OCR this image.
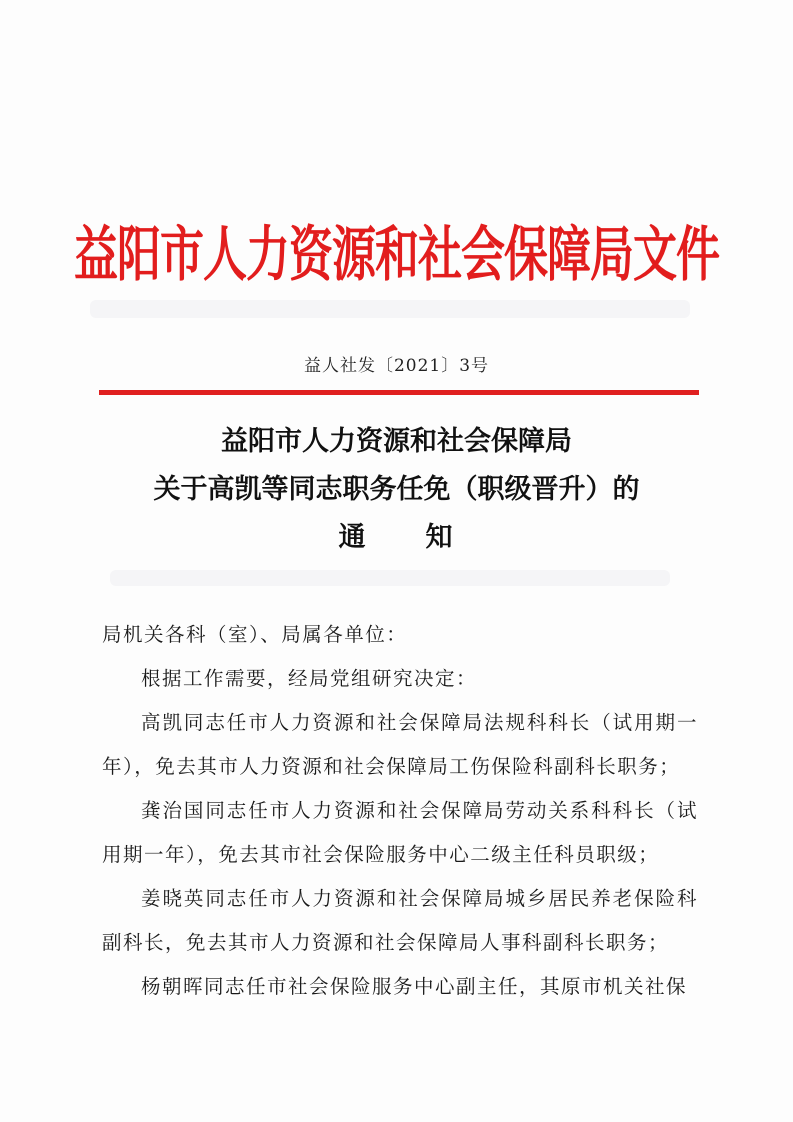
益阳市人力资源和社会保障局文件
益人社发〔2021〕3号
益阳市人力资源和社会保障局
关于高凯等同志职务任免（职级晋升）的
通知

局机关各科（室）、局属各单位：

根据工作需要，经局党组研究决定：

高凯同志任市人力资源和社会保障局法规科科长（试用期一年），免去其市人力资源和社会保障局工伤保险科副科长职务；

龚治国同志任市人力资源和社会保障局劳动关系科科长（试用期一年），免去其市社会保险服务中心二级主任科员职级；

姜晓英同志任市人力资源和社会保障局城乡居民养老保险科副科长，免去其市人力资源和社会保障局人事科副科长职务；

杨朝晖同志任市社会保险服务中心副主任，其原市机关社保
